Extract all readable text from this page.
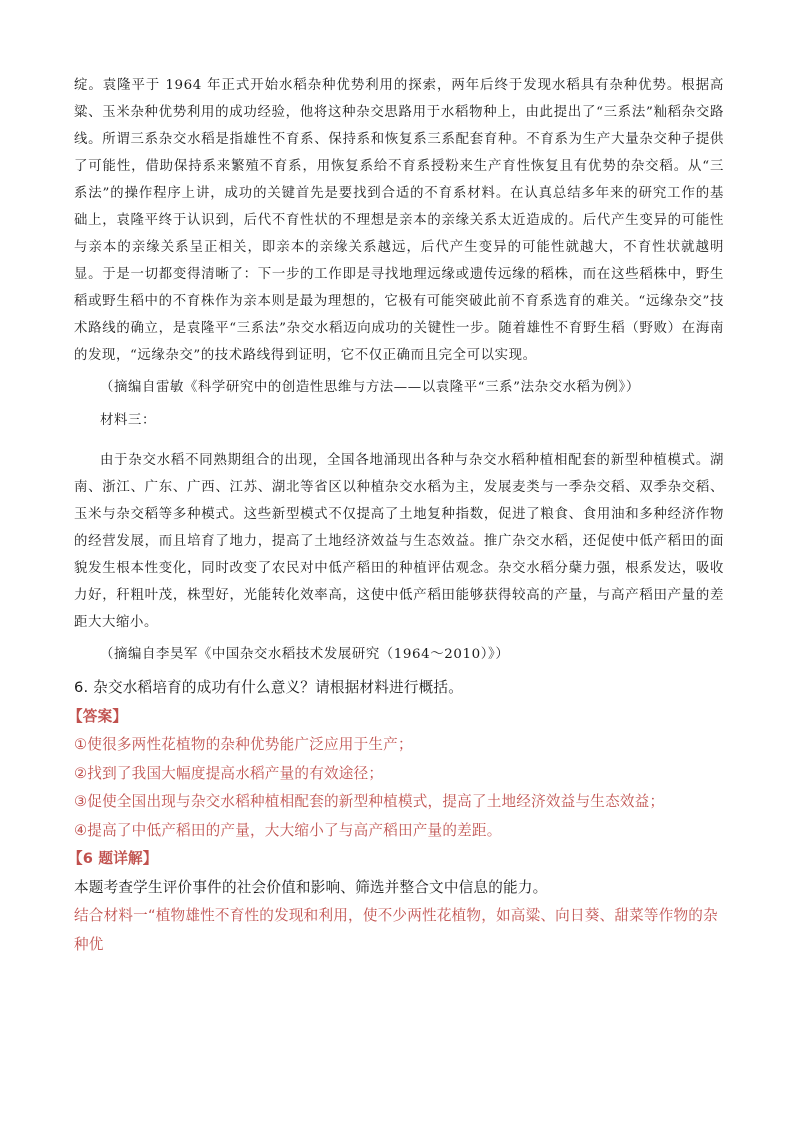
绽。袁隆平于 1964 年正式开始水稻杂种优势利用的探索，两年后终于发现水稻具有杂种优势。根据高粱、玉米杂种优势利用的成功经验，他将这种杂交思路用于水稻物种上，由此提出了“三系法”籼稻杂交路线。所谓三系杂交水稻是指雄性不育系、保持系和恢复系三系配套育种。不育系为生产大量杂交种子提供了可能性，借助保持系来繁殖不育系，用恢复系给不育系授粉来生产育性恢复且有优势的杂交稻。从“三系法”的操作程序上讲，成功的关键首先是要找到合适的不育系材料。在认真总结多年来的研究工作的基础上，袁隆平终于认识到，后代不育性状的不理想是亲本的亲缘关系太近造成的。后代产生变异的可能性与亲本的亲缘关系呈正相关，即亲本的亲缘关系越远，后代产生变异的可能性就越大，不育性状就越明显。于是一切都变得清晰了：下一步的工作即是寻找地理远缘或遗传远缘的稻株，而在这些稻株中，野生稻或野生稻中的不育株作为亲本则是最为理想的，它极有可能突破此前不育系选育的难关。“远缘杂交”技术路线的确立，是袁隆平“三系法”杂交水稻迈向成功的关键性一步。随着雄性不育野生稻（野败）在海南的发现，“远缘杂交”的技术路线得到证明，它不仅正确而且完全可以实现。

（摘编自雷敏《科学研究中的创造性思维与方法——以袁隆平“三系”法杂交水稻为例》）

材料三：

由于杂交水稻不同熟期组合的出现，全国各地涌现出各种与杂交水稻种植相配套的新型种植模式。湖南、浙江、广东、广西、江苏、湖北等省区以种植杂交水稻为主，发展麦类与一季杂交稻、双季杂交稻、玉米与杂交稻等多种模式。这些新型模式不仅提高了土地复种指数，促进了粮食、食用油和多种经济作物的经营发展，而且培育了地力，提高了土地经济效益与生态效益。推广杂交水稻，还促使中低产稻田的面貌发生根本性变化，同时改变了农民对中低产稻田的种植评估观念。杂交水稻分蘖力强，根系发达，吸收力好，秆粗叶茂，株型好，光能转化效率高，这使中低产稻田能够获得较高的产量，与高产稻田产量的差距大大缩小。

（摘编自李昊军《中国杂交水稻技术发展研究（1964～2010）》）

6. 杂交水稻培育的成功有什么意义？请根据材料进行概括。
【答案】
①使很多两性花植物的杂种优势能广泛应用于生产；
②找到了我国大幅度提高水稻产量的有效途径；
③促使全国出现与杂交水稻种植相配套的新型种植模式，提高了土地经济效益与生态效益；
④提高了中低产稻田的产量，大大缩小了与高产稻田产量的差距。
【6 题详解】
本题考查学生评价事件的社会价值和影响、筛选并整合文中信息的能力。
结合材料一“植物雄性不育性的发现和利用，使不少两性花植物，如高粱、向日葵、甜菜等作物的杂种优
